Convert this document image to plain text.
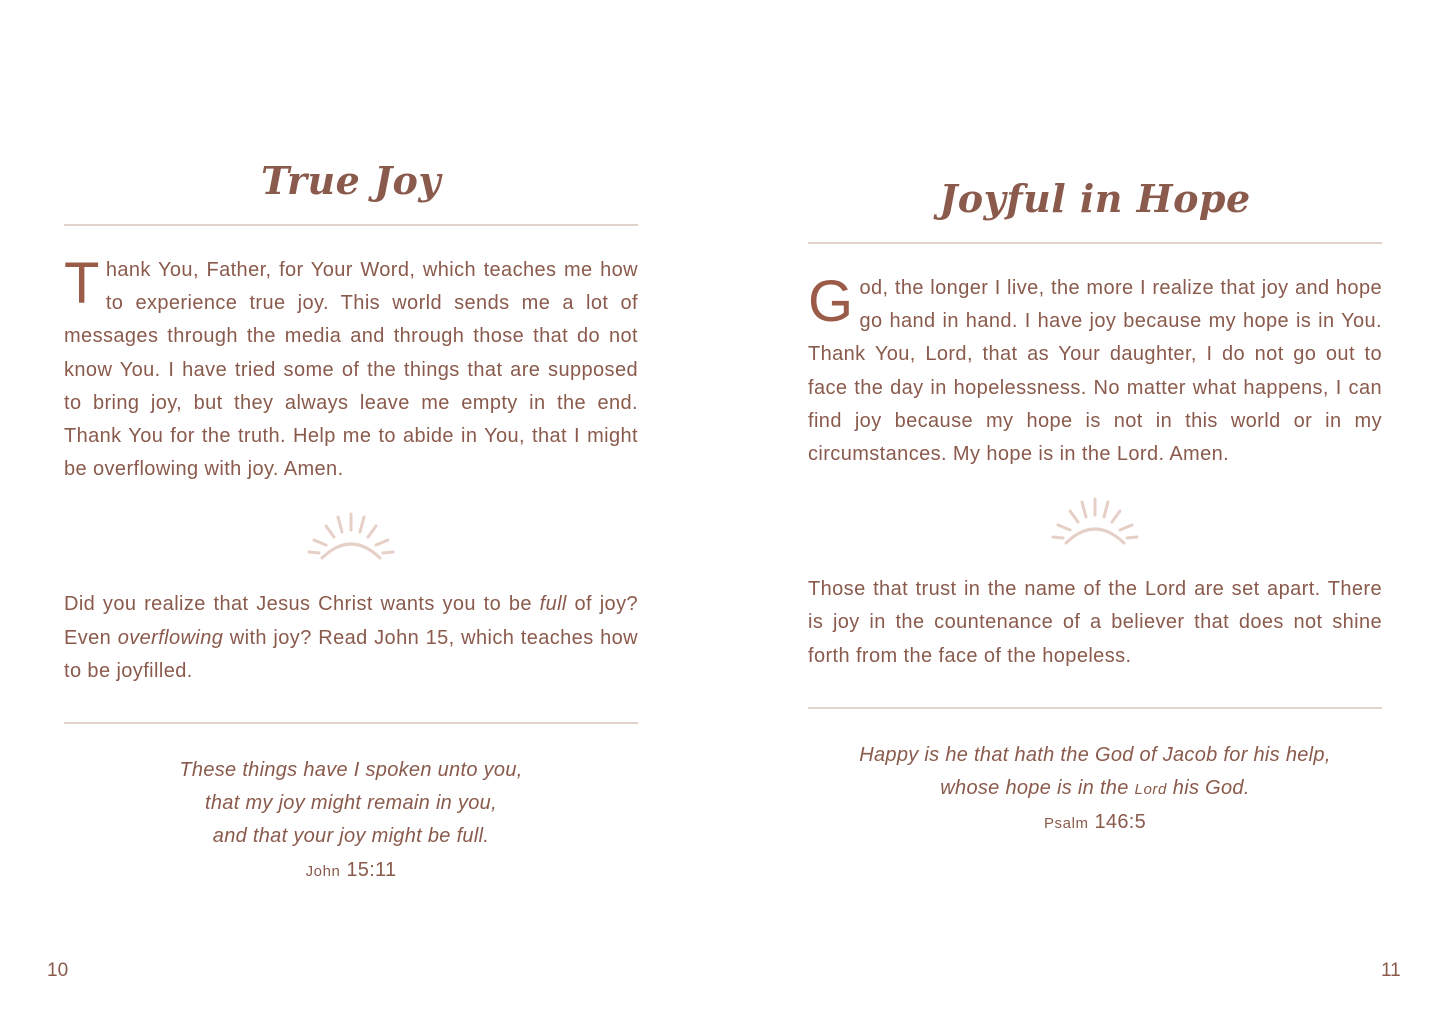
True Joy
Thank You, Father, for Your Word, which teaches me how to experience true joy. This world sends me a lot of messages through the media and through those that do not know You. I have tried some of the things that are supposed to bring joy, but they always leave me empty in the end. Thank You for the truth. Help me to abide in You, that I might be overflowing with joy. Amen.
Did you realize that Jesus Christ wants you to be full of joy? Even overflowing with joy? Read John 15, which teaches how to be joyfilled.
These things have I spoken unto you,
that my joy might remain in you,
and that your joy might be full.
John 15:11
Joyful in Hope
God, the longer I live, the more I realize that joy and hope go hand in hand. I have joy because my hope is in You. Thank You, Lord, that as Your daughter, I do not go out to face the day in hopelessness. No matter what happens, I can find joy because my hope is not in this world or in my circumstances. My hope is in the Lord. Amen.
Those that trust in the name of the Lord are set apart. There is joy in the countenance of a believer that does not shine forth from the face of the hopeless.
Happy is he that hath the God of Jacob for his help,
whose hope is in the Lord his God.
Psalm 146:5
10	11
